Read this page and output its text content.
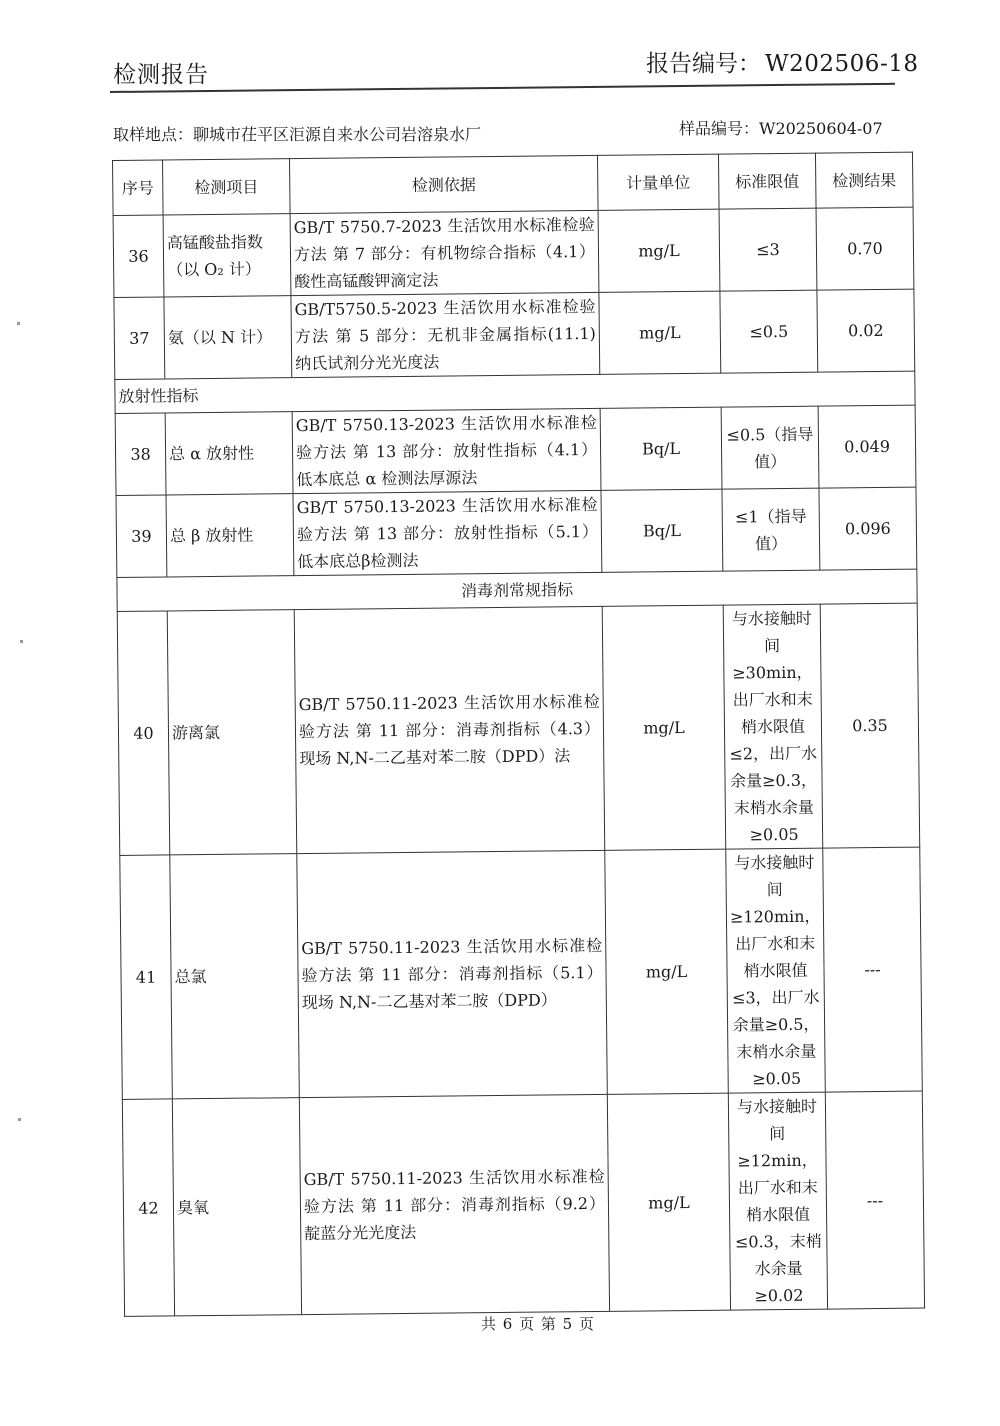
检测报告	报告编号： W202506-18
取样地点：聊城市茌平区洰源自来水公司岩溶泉水厂	样品编号：W20250604-07
序号	检测项目	检测依据	计量单位	标准限值	检测结果
36	高锰酸盐指数（以 O₂ 计）	GB/T 5750.7-2023 生活饮用水标准检验方法 第 7 部分：有机物综合指标（4.1）酸性高锰酸钾滴定法	mg/L	≤3	0.70
37	氨（以 N 计）	GB/T5750.5-2023 生活饮用水标准检验方法 第 5 部分：无机非金属指标(11.1) 纳氏试剂分光光度法	mg/L	≤0.5	0.02
放射性指标					
38	总 α 放射性	GB/T 5750.13-2023 生活饮用水标准检验方法 第 13 部分：放射性指标（4.1）低本底总 α 检测法厚源法	Bq/L	≤0.5（指导值）	0.049
39	总 β 放射性	GB/T 5750.13-2023 生活饮用水标准检验方法 第 13 部分：放射性指标（5.1）低本底总β检测法	Bq/L	≤1（指导值）	0.096
消毒剂常规指标					
40	游离氯	GB/T 5750.11-2023 生活饮用水标准检验方法 第 11 部分：消毒剂指标（4.3）现场 N,N-二乙基对苯二胺（DPD）法	mg/L	与水接触时间≥30min，出厂水和末梢水限值≤2，出厂水余量≥0.3，末梢水余量≥0.05	0.35
41	总氯	GB/T 5750.11-2023 生活饮用水标准检验方法 第 11 部分：消毒剂指标（5.1）现场 N,N-二乙基对苯二胺（DPD）	mg/L	与水接触时间≥120min，出厂水和末梢水限值≤3，出厂水余量≥0.5，末梢水余量≥0.05	---
42	臭氧	GB/T 5750.11-2023 生活饮用水标准检验方法 第 11 部分：消毒剂指标（9.2）靛蓝分光光度法	mg/L	与水接触时间≥12min，出厂水和末梢水限值≤0.3，末梢水余量≥0.02	---
共 6 页 第 5 页
